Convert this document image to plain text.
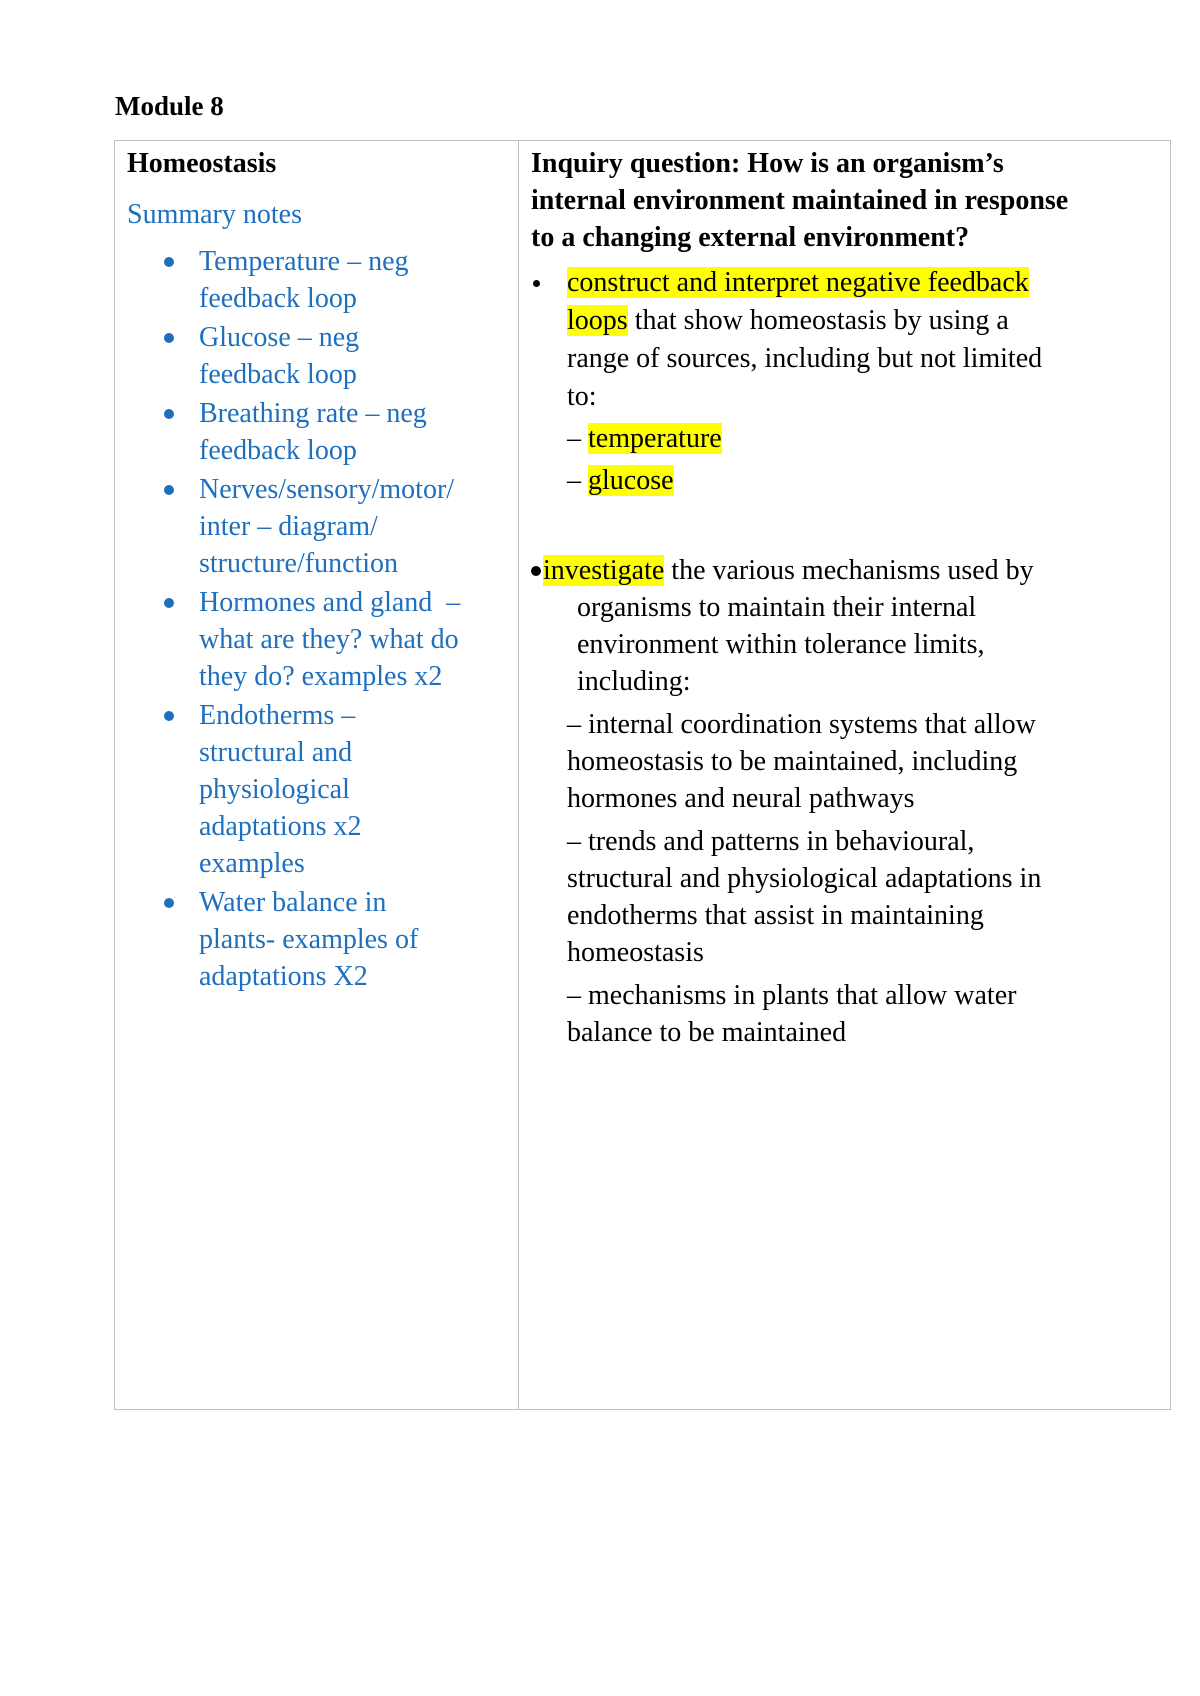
Module 8

Homeostasis

Summary notes

Temperature – neg
feedback loop
Glucose – neg
feedback loop
Breathing rate – neg
feedback loop
Nerves/sensory/motor/
inter – diagram/
structure/function
Hormones and gland  –
what are they? what do
they do? examples x2
Endotherms –
structural and
physiological
adaptations x2
examples
Water balance in
plants- examples of
adaptations X2

Inquiry question: How is an organism’s
internal environment maintained in response
to a changing external environment?

construct and interpret negative feedback
loops that show homeostasis by using a
range of sources, including but not limited
to:
– temperature
– glucose
investigate the various mechanisms used by
organisms to maintain their internal
environment within tolerance limits,
including:
– internal coordination systems that allow
homeostasis to be maintained, including
hormones and neural pathways
– trends and patterns in behavioural,
structural and physiological adaptations in
endotherms that assist in maintaining
homeostasis
– mechanisms in plants that allow water
balance to be maintained
